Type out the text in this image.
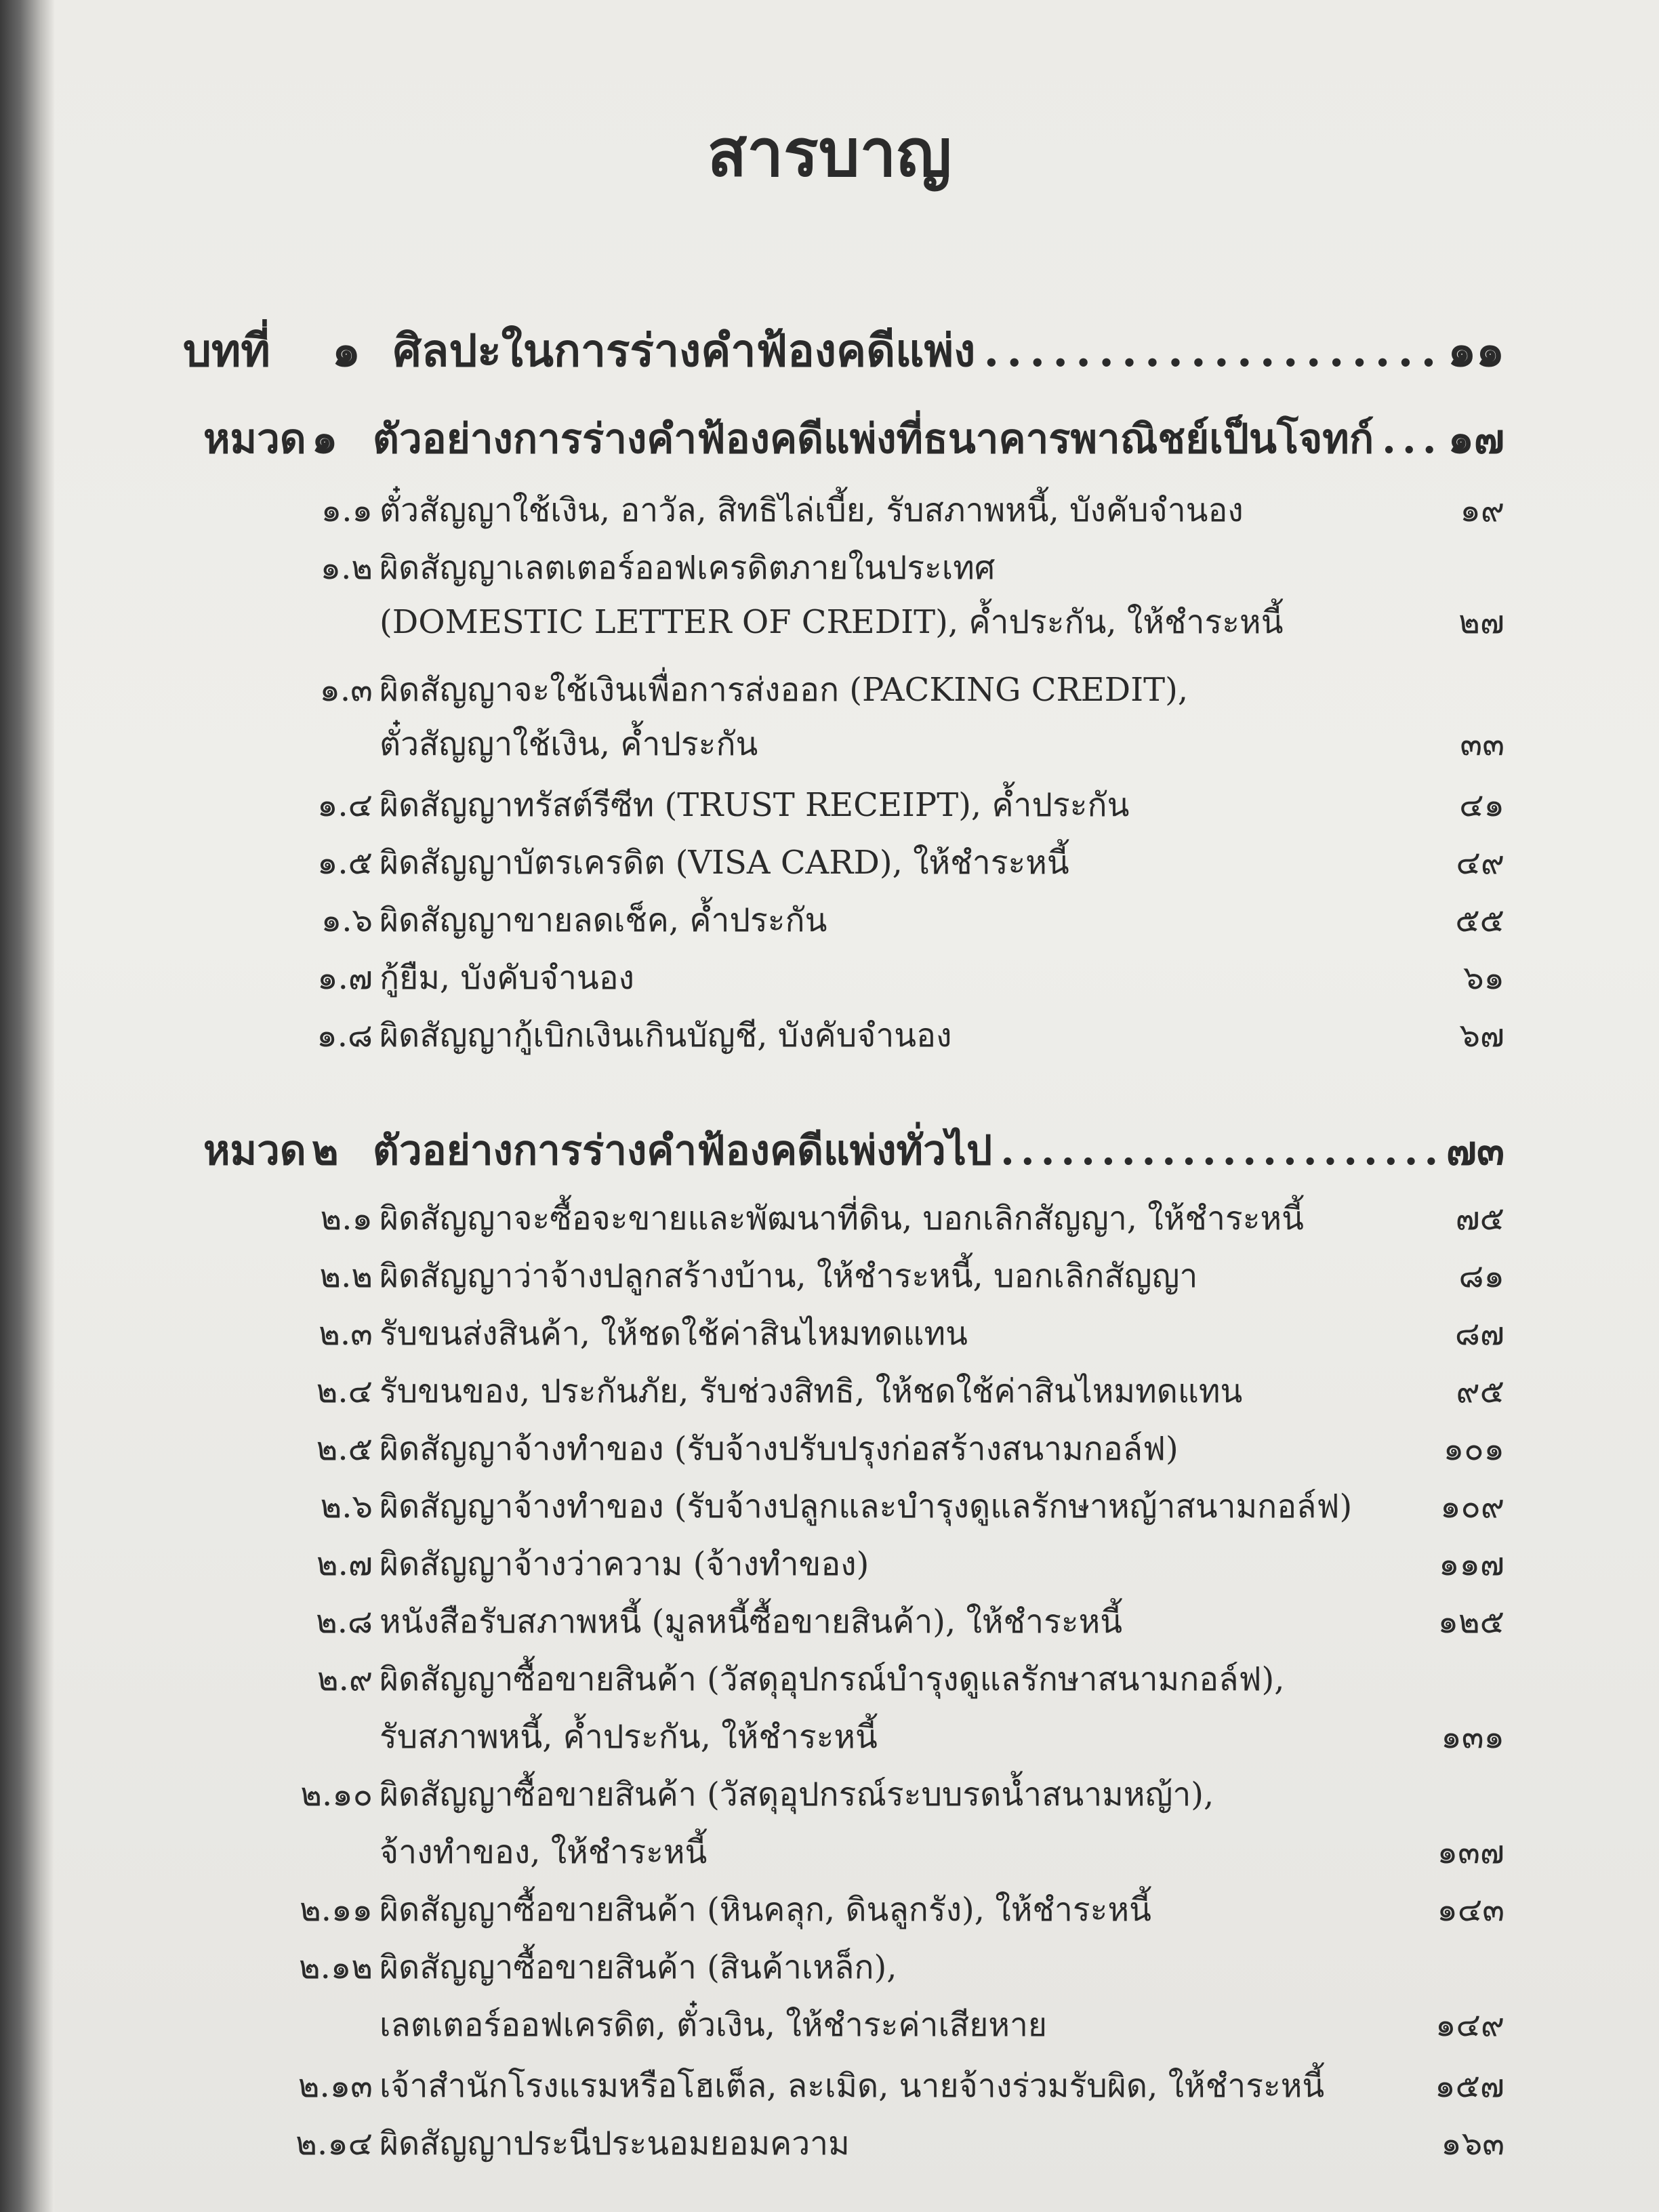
สารบาญ
บทที่	๑ ศิลปะในการร่างคำฟ้องคดีแพ่ง . . .	๑๑
หมวด ๑ ตัวอย่างการร่างคำฟ้องคดีแพ่งที่ธนาคารพาณิชย์เป็นโจทก์ . . . ๑๗
๑.๑ ตั๋วสัญญาใช้เงิน, อาวัล, สิทธิไล่เบี้ย, รับสภาพหนี้, บังคับจำนอง	๑๙
๑.๒ ผิดสัญญาเลตเตอร์ออฟเครดิตภายในประเทศ
(DOMESTIC LETTER OF CREDIT), ค้ำประกัน, ให้ชำระหนี้	๒๗
๑.๓ ผิดสัญญาจะใช้เงินเพื่อการส่งออก (PACKING CREDIT),
ตั๋วสัญญาใช้เงิน, ค้ำประกัน	๓๓
๑.๔ ผิดสัญญาทรัสต์รีซีท (TRUST RECEIPT), ค้ำประกัน	๔๑
๑.๕ ผิดสัญญาบัตรเครดิต (VISA CARD), ให้ชำระหนี้	๔๙
๑.๖ ผิดสัญญาขายลดเช็ค, ค้ำประกัน	๕๕
๑.๗ กู้ยืม, บังคับจำนอง	๖๑
๑.๘ ผิดสัญญากู้เบิกเงินเกินบัญชี, บังคับจำนอง	๖๗
หมวด ๒ ตัวอย่างการร่างคำฟ้องคดีแพ่งทั่วไป . . .	๗๓
๒.๑ ผิดสัญญาจะซื้อจะขายและพัฒนาที่ดิน, บอกเลิกสัญญา, ให้ชำระหนี้	๗๕
๒.๒ ผิดสัญญาว่าจ้างปลูกสร้างบ้าน, ให้ชำระหนี้, บอกเลิกสัญญา	๘๑
๒.๓ รับขนส่งสินค้า, ให้ชดใช้ค่าสินไหมทดแทน	๘๗
๒.๔ รับขนของ, ประกันภัย, รับช่วงสิทธิ, ให้ชดใช้ค่าสินไหมทดแทน	๙๕
๒.๕ ผิดสัญญาจ้างทำของ (รับจ้างปรับปรุงก่อสร้างสนามกอล์ฟ)	๑๐๑
๒.๖ ผิดสัญญาจ้างทำของ (รับจ้างปลูกและบำรุงดูแลรักษาหญ้าสนามกอล์ฟ)	๑๐๙
๒.๗ ผิดสัญญาจ้างว่าความ (จ้างทำของ)	๑๑๗
๒.๘ หนังสือรับสภาพหนี้ (มูลหนี้ซื้อขายสินค้า), ให้ชำระหนี้	๑๒๕
๒.๙ ผิดสัญญาซื้อขายสินค้า (วัสดุอุปกรณ์บำรุงดูแลรักษาสนามกอล์ฟ),
รับสภาพหนี้, ค้ำประกัน, ให้ชำระหนี้	๑๓๑
๒.๑๐ ผิดสัญญาซื้อขายสินค้า (วัสดุอุปกรณ์ระบบรดน้ำสนามหญ้า),
จ้างทำของ, ให้ชำระหนี้	๑๓๗
๒.๑๑ ผิดสัญญาซื้อขายสินค้า (หินคลุก, ดินลูกรัง), ให้ชำระหนี้	๑๔๓
๒.๑๒ ผิดสัญญาซื้อขายสินค้า (สินค้าเหล็ก),
เลตเตอร์ออฟเครดิต, ตั๋วเงิน, ให้ชำระค่าเสียหาย	๑๔๙
๒.๑๓ เจ้าสำนักโรงแรมหรือโฮเต็ล, ละเมิด, นายจ้างร่วมรับผิด, ให้ชำระหนี้	๑๕๗
๒.๑๔ ผิดสัญญาประนีประนอมยอมความ	๑๖๓
